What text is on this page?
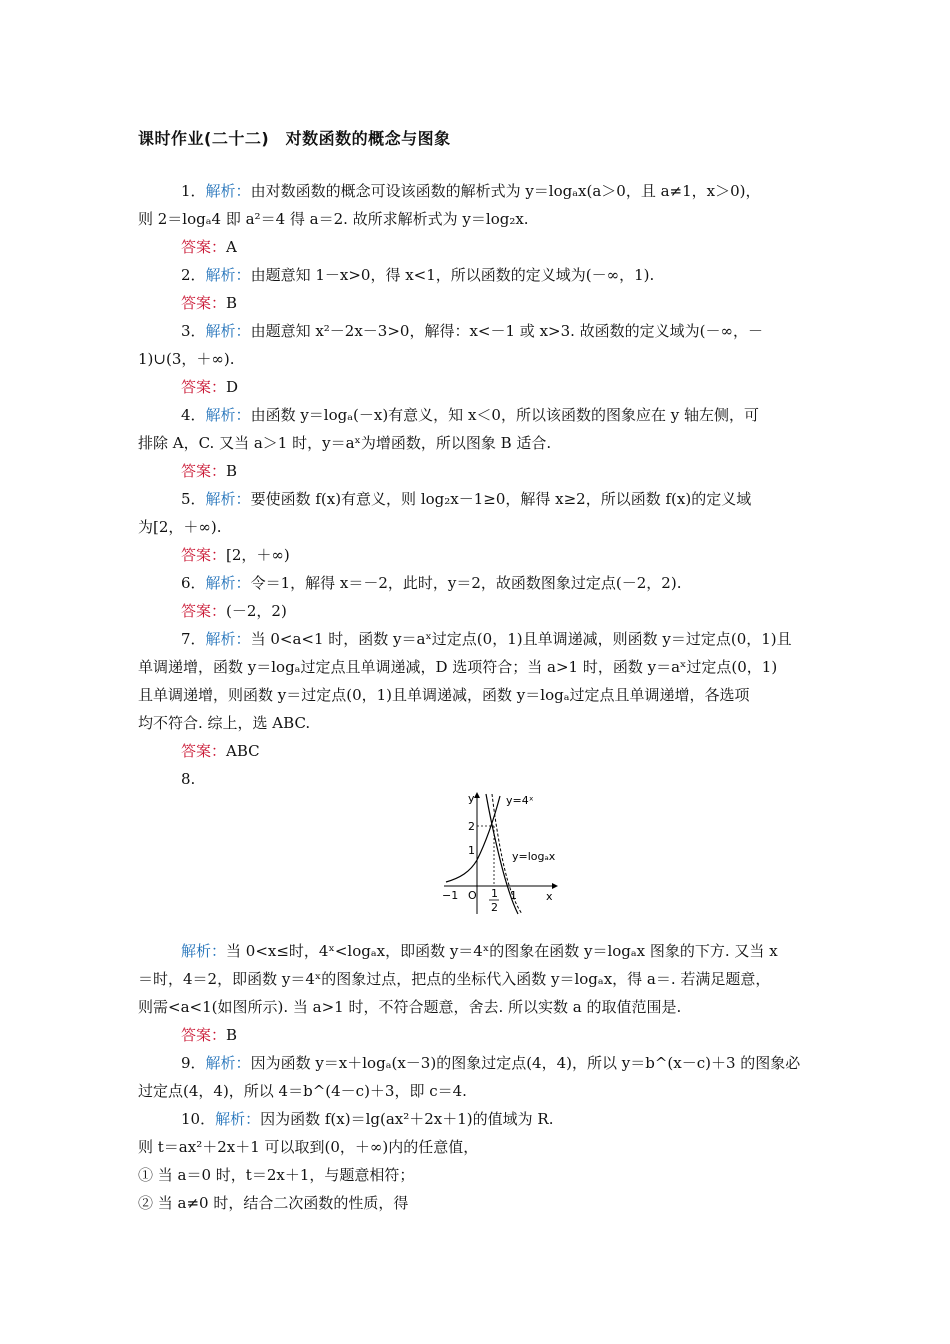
课时作业(二十二)　对数函数的概念与图象
1．解析：由对数函数的概念可设该函数的解析式为 y＝logₐx(a＞0，且 a≠1，x＞0)，
则 2＝logₐ4 即 a²＝4 得 a＝2. 故所求解析式为 y＝log₂x.
答案：A
2．解析：由题意知 1－x>0，得 x<1，所以函数的定义域为(－∞，1).
答案：B
3．解析：由题意知 x²－2x－3>0，解得：x<－1 或 x>3. 故函数的定义域为(－∞，－
1)∪(3，＋∞).
答案：D
4．解析：由函数 y＝logₐ(－x)有意义，知 x＜0，所以该函数的图象应在 y 轴左侧，可
排除 A，C. 又当 a＞1 时，y＝aˣ为增函数，所以图象 B 适合.
答案：B
5．解析：要使函数 f(x)有意义，则 log₂x－1≥0，解得 x≥2，所以函数 f(x)的定义域
为[2，＋∞).
答案：[2，＋∞)
6．解析：令＝1，解得 x＝－2，此时，y＝2，故函数图象过定点(－2，2).
答案：(－2，2)
7．解析：当 0<a<1 时，函数 y＝aˣ过定点(0，1)且单调递减，则函数 y＝过定点(0，1)且
单调递增，函数 y＝logₐ过定点且单调递减，D 选项符合；当 a>1 时，函数 y＝aˣ过定点(0，1)
且单调递增，则函数 y＝过定点(0，1)且单调递减，函数 y＝logₐ过定点且单调递增，各选项
均不符合. 综上，选 ABC.
答案：ABC
8.
解析：当 0<x≤时，4ˣ<logₐx，即函数 y＝4ˣ的图象在函数 y＝logₐx 图象的下方. 又当 x
＝时，4＝2，即函数 y＝4ˣ的图象过点，把点的坐标代入函数 y＝logₐx，得 a＝. 若满足题意，
则需<a<1(如图所示). 当 a>1 时，不符合题意，舍去. 所以实数 a 的取值范围是.
答案：B
9．解析：因为函数 y＝x＋logₐ(x－3)的图象过定点(4，4)，所以 y＝b^(x－c)＋3 的图象必
过定点(4，4)，所以 4＝b^(4－c)＋3，即 c＝4.
10．解析：因为函数 f(x)＝lg(ax²＋2x＋1)的值域为 R.
则 t＝ax²＋2x＋1 可以取到(0，＋∞)内的任意值，
① 当 a＝0 时，t＝2x＋1，与题意相符；
② 当 a≠0 时，结合二次函数的性质，得
y
x
y=4ˣ
y=logₐx
2
1
−1 O 1
2
1
